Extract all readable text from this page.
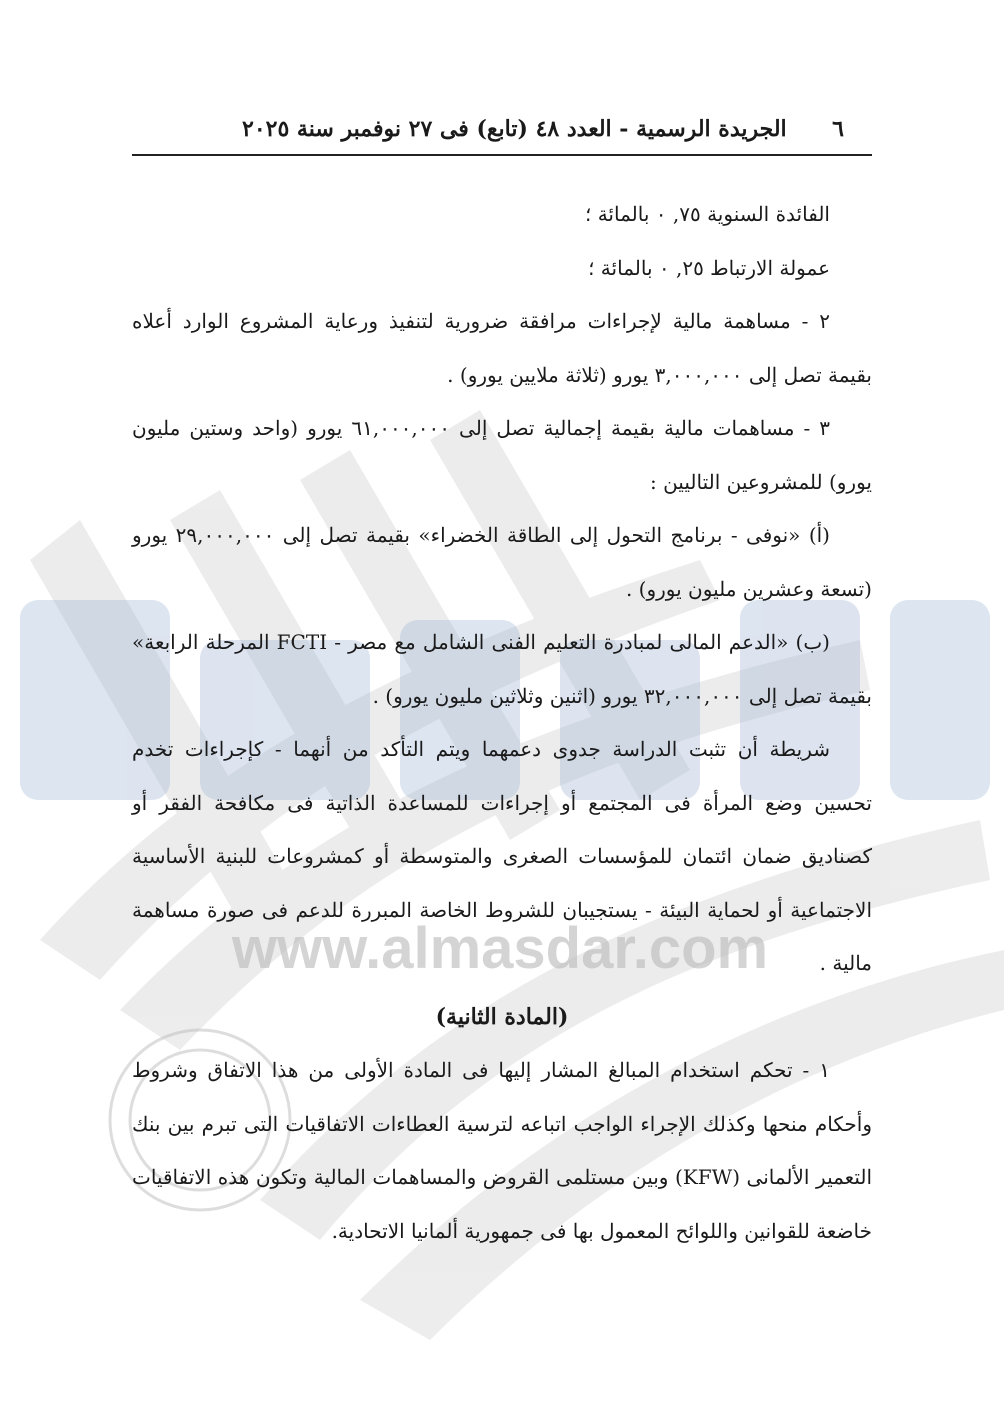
www.almasdar.com
٦
الجريدة الرسمية - العدد ٤٨ (تابع) فى ٢٧ نوفمبر سنة ٢٠٢٥

الفائدة السنوية ٧٥, ٠ بالمائة ؛

عمولة الارتباط ٢٥, ٠ بالمائة ؛

٢ - مساهمة مالية لإجراءات مرافقة ضرورية لتنفيذ ورعاية المشروع الوارد أعلاه بقيمة تصل إلى ٣,٠٠٠,٠٠٠ يورو (ثلاثة ملايين يورو) .

٣ - مساهمات مالية بقيمة إجمالية تصل إلى ٦١,٠٠٠,٠٠٠ يورو (واحد وستين مليون يورو) للمشروعين التاليين :

(أ) «نوفى - برنامج التحول إلى الطاقة الخضراء» بقيمة تصل إلى ٢٩,٠٠٠,٠٠٠ يورو (تسعة وعشرين مليون يورو) .

(ب) «الدعم المالى لمبادرة التعليم الفنى الشامل مع مصر - FCTI المرحلة الرابعة» بقيمة تصل إلى ٣٢,٠٠٠,٠٠٠ يورو (اثنين وثلاثين مليون يورو) .

شريطة أن تثبت الدراسة جدوى دعمهما ويتم التأكد من أنهما - كإجراءات تخدم تحسين وضع المرأة فى المجتمع أو إجراءات للمساعدة الذاتية فى مكافحة الفقر أو كصناديق ضمان ائتمان للمؤسسات الصغرى والمتوسطة أو كمشروعات للبنية الأساسية الاجتماعية أو لحماية البيئة - يستجيبان للشروط الخاصة المبررة للدعم فى صورة مساهمة مالية .

(المادة الثانية)

١ - تحكم استخدام المبالغ المشار إليها فى المادة الأولى من هذا الاتفاق وشروط وأحكام منحها وكذلك الإجراء الواجب اتباعه لترسية العطاءات الاتفاقيات التى تبرم بين بنك التعمير الألمانى (KFW) وبين مستلمى القروض والمساهمات المالية وتكون هذه الاتفاقيات خاضعة للقوانين واللوائح المعمول بها فى جمهورية ألمانيا الاتحادية.
